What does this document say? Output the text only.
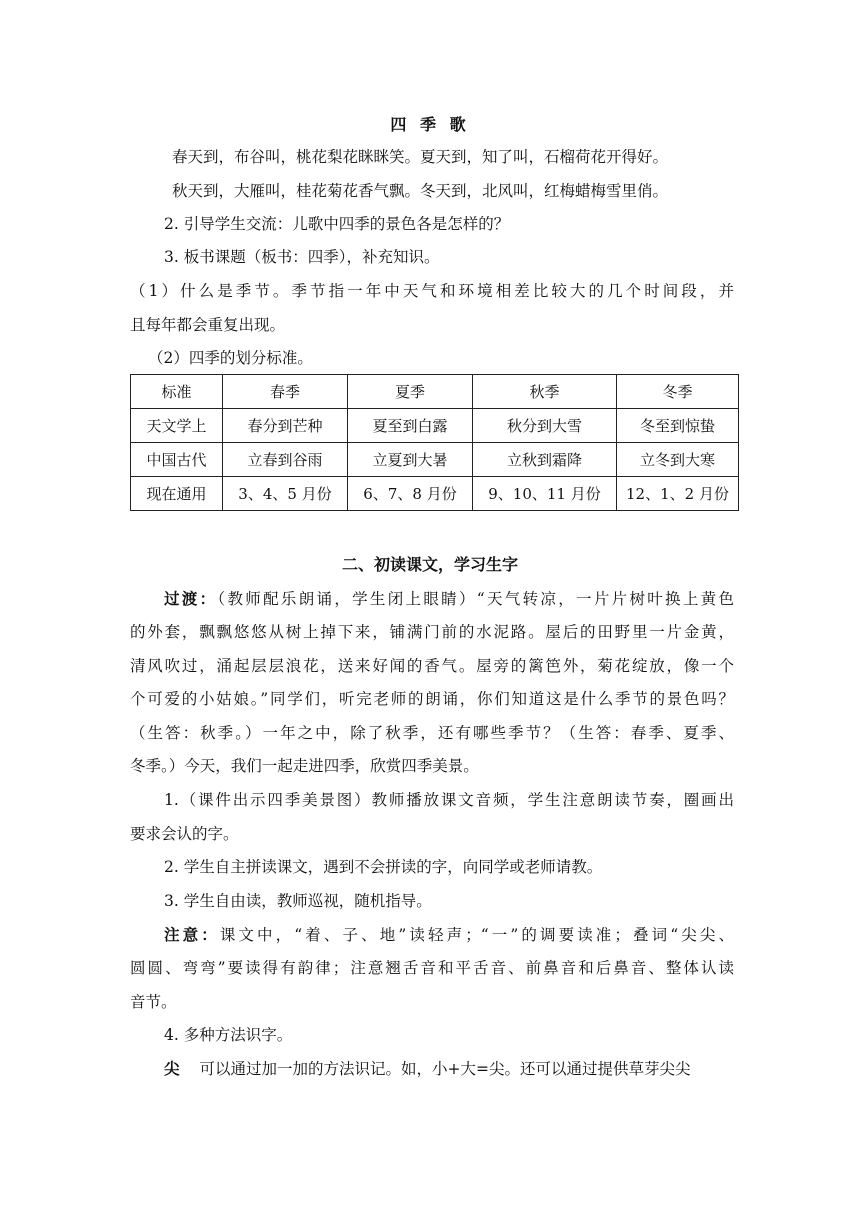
四 季 歌
春天到，布谷叫，桃花梨花眯眯笑。夏天到，知了叫，石榴荷花开得好。
秋天到，大雁叫，桂花菊花香气飘。冬天到，北风叫，红梅蜡梅雪里俏。
2. 引导学生交流：儿歌中四季的景色各是怎样的？
3. 板书课题（板书：四季），补充知识。
（1）什么是季节。季节指一年中天气和环境相差比较大的几个时间段，并
且每年都会重复出现。
（2）四季的划分标准。
标准	春季	夏季	秋季	冬季
天文学上	春分到芒种	夏至到白露	秋分到大雪	冬至到惊蛰
中国古代	立春到谷雨	立夏到大暑	立秋到霜降	立冬到大寒
现在通用	3、4、5 月份	6、7、8 月份	9、10、11 月份	12、1、2 月份
二、初读课文，学习生字
过渡：（教师配乐朗诵，学生闭上眼睛）“天气转凉，一片片树叶换上黄色
的外套，飘飘悠悠从树上掉下来，铺满门前的水泥路。屋后的田野里一片金黄，
清风吹过，涌起层层浪花，送来好闻的香气。屋旁的篱笆外，菊花绽放，像一个
个可爱的小姑娘。”同学们，听完老师的朗诵，你们知道这是什么季节的景色吗？
（生答：秋季。）一年之中，除了秋季，还有哪些季节？（生答：春季、夏季、
冬季。）今天，我们一起走进四季，欣赏四季美景。
1.（课件出示四季美景图）教师播放课文音频，学生注意朗读节奏，圈画出
要求会认的字。
2. 学生自主拼读课文，遇到不会拼读的字，向同学或老师请教。
3. 学生自由读，教师巡视，随机指导。
注意：课文中，“着、子、地”读轻声；“一”的调要读准；叠词“尖尖、
圆圆、弯弯”要读得有韵律；注意翘舌音和平舌音、前鼻音和后鼻音、整体认读
音节。
4. 多种方法识字。
尖 可以通过加一加的方法识记。如，小+大=尖。还可以通过提供草芽尖尖
